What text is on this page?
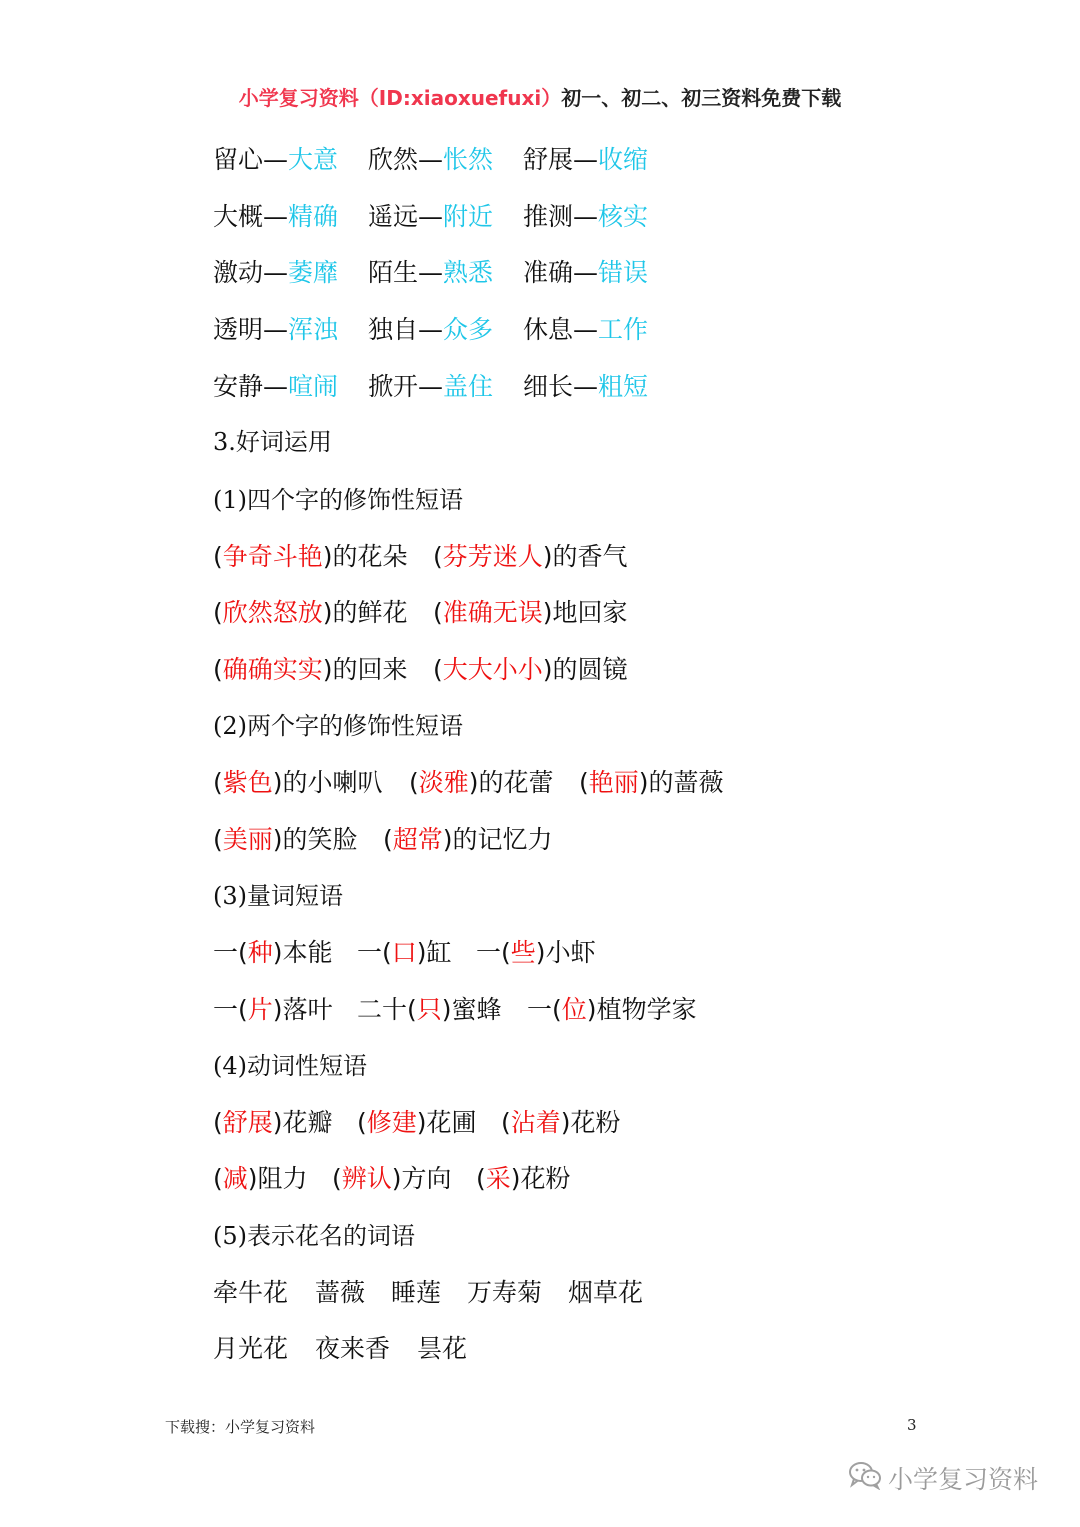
小学复习资料（ID:xiaoxuefuxi）初一、初二、初三资料免费下载
留心—大意 欣然—怅然 舒展—收缩
大概—精确 遥远—附近 推测—核实
激动—萎靡 陌生—熟悉 准确—错误
透明—浑浊 独自—众多 休息—工作
安静—喧闹 掀开—盖住 细长—粗短
3.好词运用
(1)四个字的修饰性短语
(争奇斗艳)的花朵 (芬芳迷人)的香气
(欣然怒放)的鲜花 (准确无误)地回家
(确确实实)的回来 (大大小小)的圆镜
(2)两个字的修饰性短语
(紫色)的小喇叭 (淡雅)的花蕾 (艳丽)的蔷薇
(美丽)的笑脸 (超常)的记忆力
(3)量词短语
一(种)本能 一(口)缸 一(些)小虾
一(片)落叶 二十(只)蜜蜂 一(位)植物学家
(4)动词性短语
(舒展)花瓣 (修建)花圃 (沾着)花粉
(减)阻力 (辨认)方向 (采)花粉
(5)表示花名的词语
牵牛花 蔷薇 睡莲 万寿菊 烟草花
月光花 夜来香 昙花
下载搜：小学复习资料	3
小学复习资料
